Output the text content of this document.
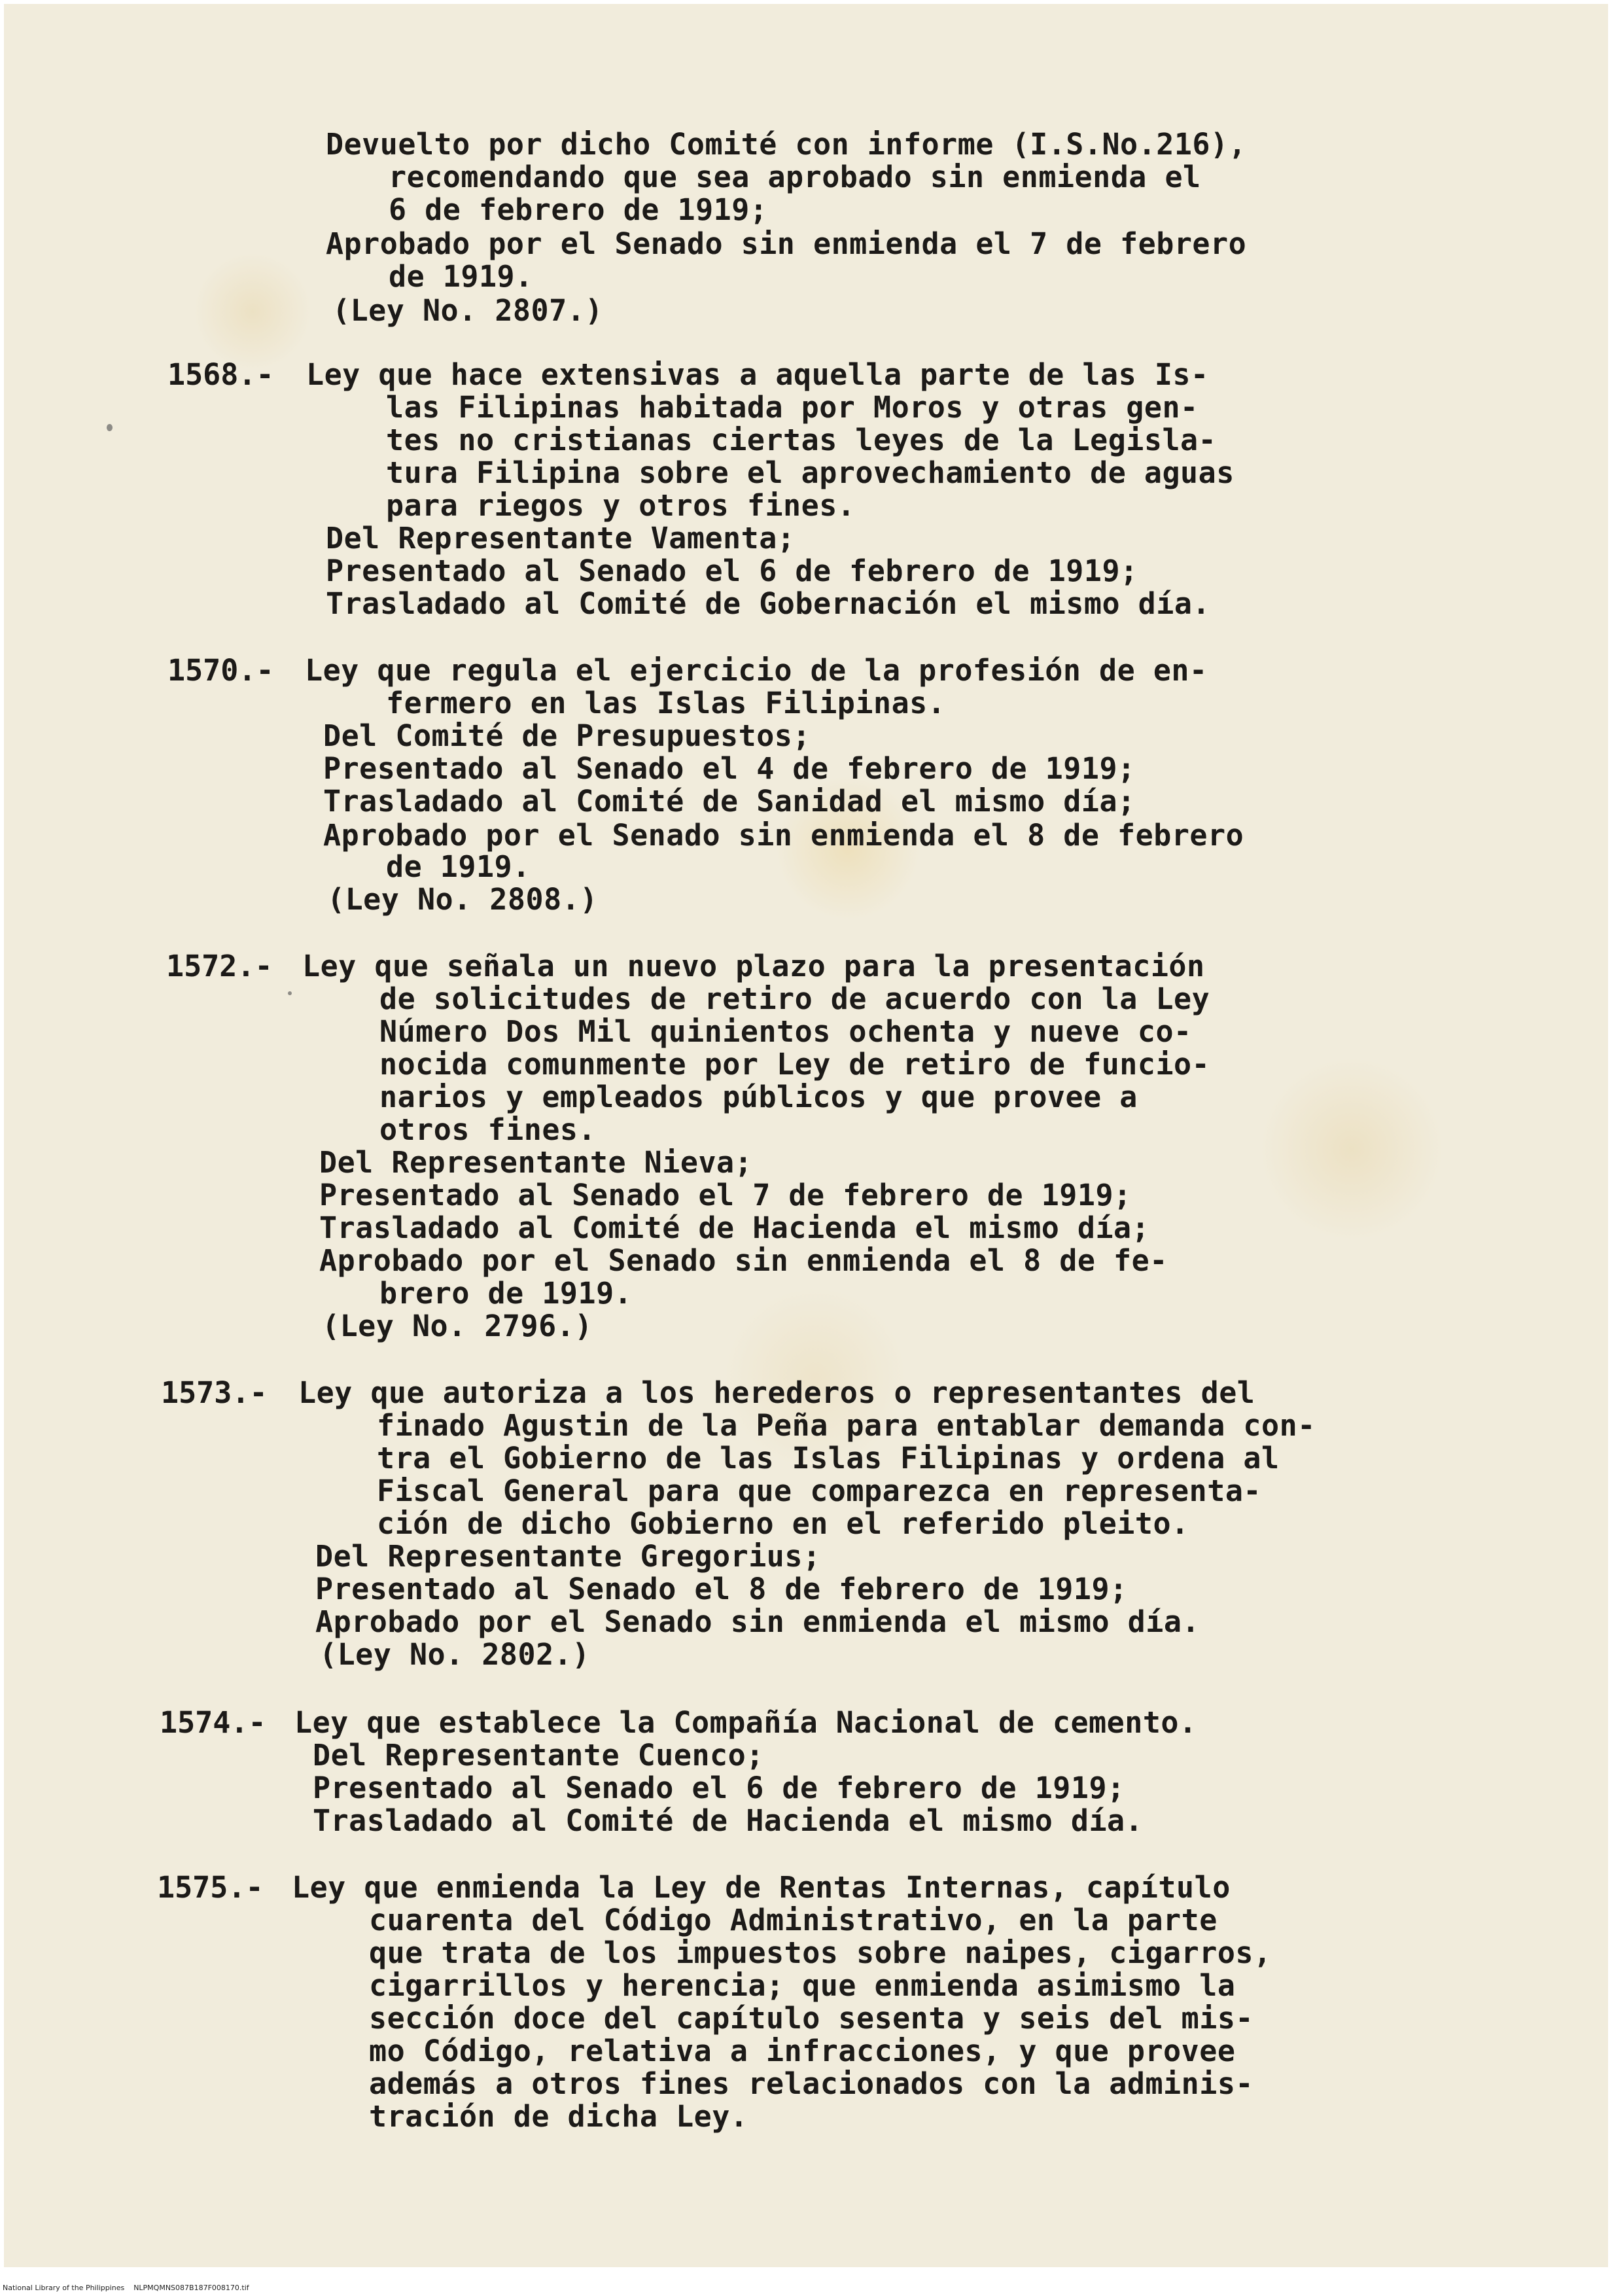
Devuelto por dicho Comité con informe (I.S.No.216),
recomendando que sea aprobado sin enmienda el
6 de febrero de 1919;
Aprobado por el Senado sin enmienda el 7 de febrero
de 1919.
(Ley No. 2807.)
1568.- Ley que hace extensivas a aquella parte de las Is-
las Filipinas habitada por Moros y otras gen-
tes no cristianas ciertas leyes de la Legisla-
tura Filipina sobre el aprovechamiento de aguas
para riegos y otros fines.
Del Representante Vamenta;
Presentado al Senado el 6 de febrero de 1919;
Trasladado al Comité de Gobernación el mismo día.
1570.- Ley que regula el ejercicio de la profesión de en-
fermero en las Islas Filipinas.
Del Comité de Presupuestos;
Presentado al Senado el 4 de febrero de 1919;
Trasladado al Comité de Sanidad el mismo día;
Aprobado por el Senado sin enmienda el 8 de febrero
de 1919.
(Ley No. 2808.)
1572.- Ley que señala un nuevo plazo para la presentación
de solicitudes de retiro de acuerdo con la Ley
Número Dos Mil quinientos ochenta y nueve co-
nocida comunmente por Ley de retiro de funcio-
narios y empleados públicos y que provee a
otros fines.
Del Representante Nieva;
Presentado al Senado el 7 de febrero de 1919;
Trasladado al Comité de Hacienda el mismo día;
Aprobado por el Senado sin enmienda el 8 de fe-
brero de 1919.
(Ley No. 2796.)
1573.- Ley que autoriza a los herederos o representantes del
finado Agustin de la Peña para entablar demanda con-
tra el Gobierno de las Islas Filipinas y ordena al
Fiscal General para que comparezca en representa-
ción de dicho Gobierno en el referido pleito.
Del Representante Gregorius;
Presentado al Senado el 8 de febrero de 1919;
Aprobado por el Senado sin enmienda el mismo día.
(Ley No. 2802.)
1574.- Ley que establece la Compañía Nacional de cemento.
Del Representante Cuenco;
Presentado al Senado el 6 de febrero de 1919;
Trasladado al Comité de Hacienda el mismo día.
1575.- Ley que enmienda la Ley de Rentas Internas, capítulo
cuarenta del Código Administrativo, en la parte
que trata de los impuestos sobre naipes, cigarros,
cigarrillos y herencia; que enmienda asimismo la
sección doce del capítulo sesenta y seis del mis-
mo Código, relativa a infracciones, y que provee
además a otros fines relacionados con la adminis-
tración de dicha Ley.
National Library of the Philippines    NLPMQMNS087B187F008170.tif
